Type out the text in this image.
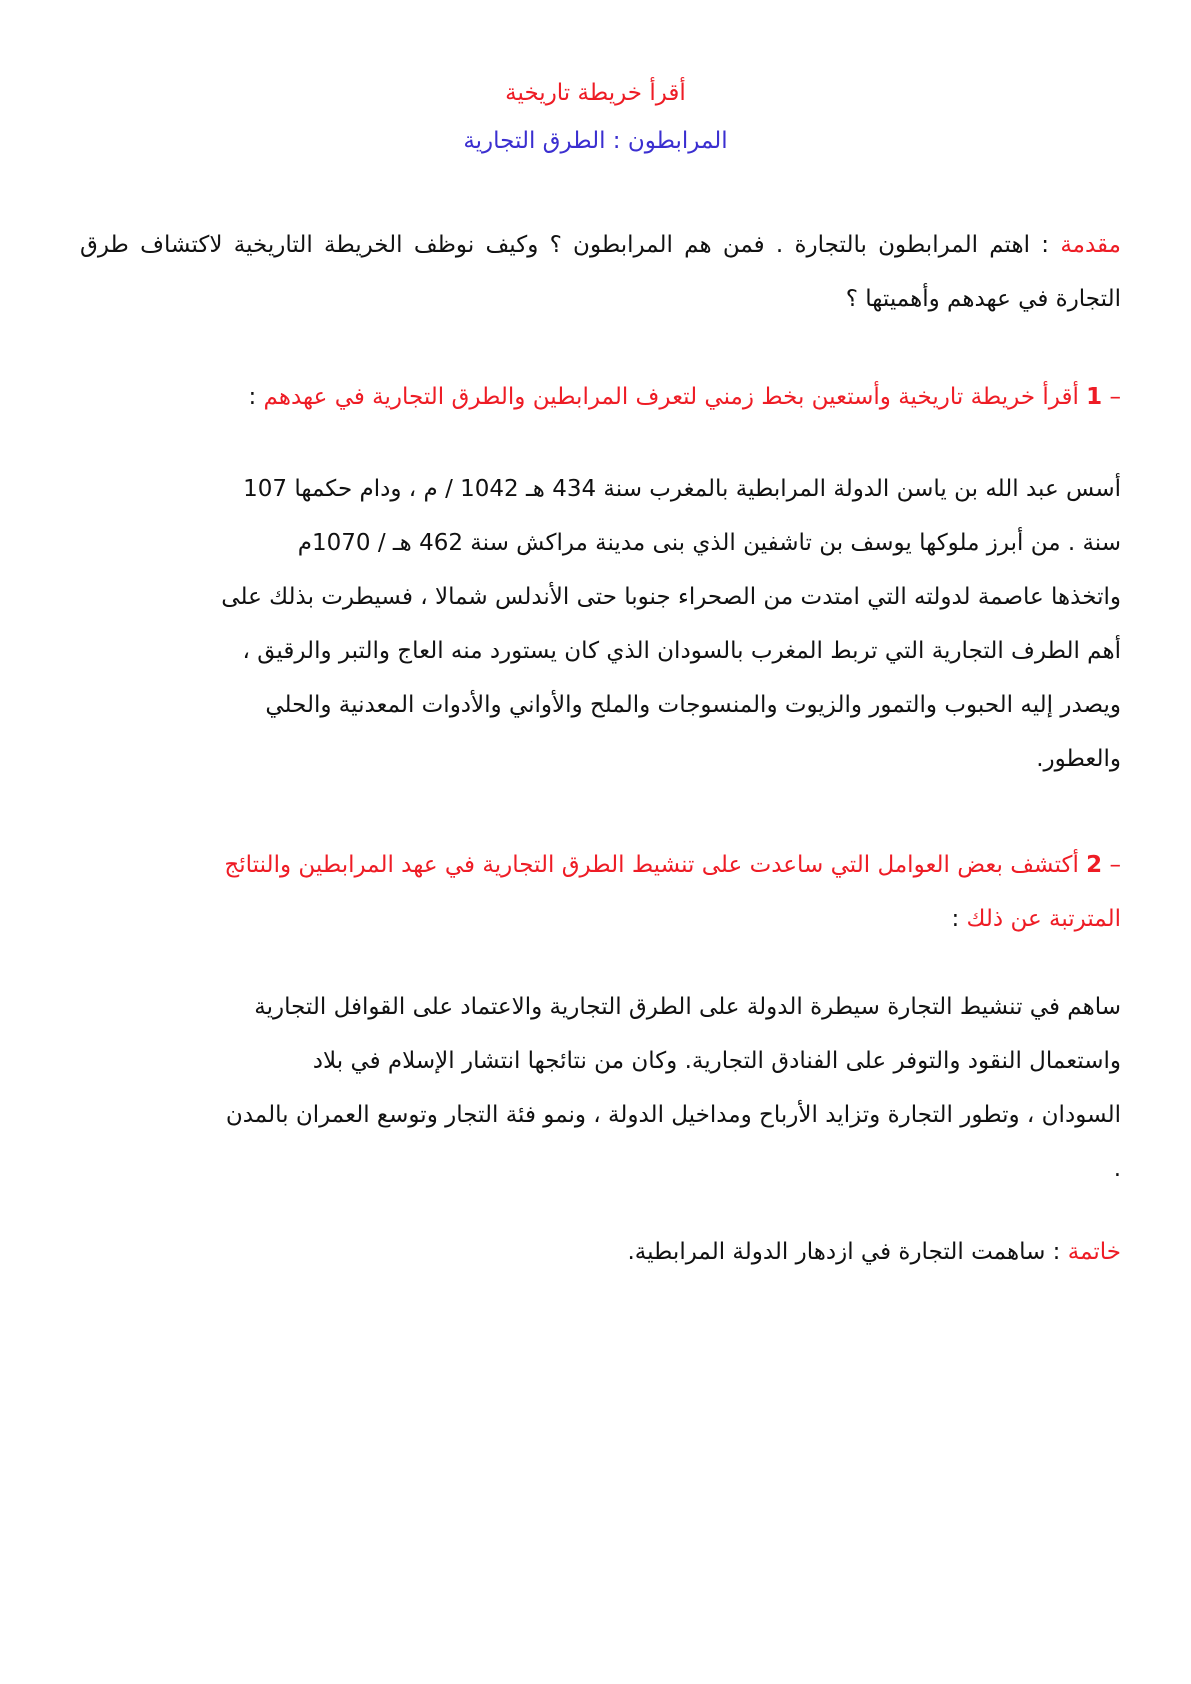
أقرأ خريطة تاريخية
المرابطون : الطرق التجارية
مقدمة : اهتم المرابطون بالتجارة . فمن هم المرابطون ؟ وكيف نوظف الخريطة التاريخية لاكتشاف طرق التجارة في عهدهم وأهميتها ؟
– 1 أقرأ خريطة تاريخية وأستعين بخط زمني لتعرف المرابطين والطرق التجارية في عهدهم :
أسس عبد الله بن ياسن الدولة المرابطية بالمغرب سنة 434 هـ 1042 / م ، ودام حكمها 107
سنة . من أبرز ملوكها يوسف بن تاشفين الذي بنى مدينة مراكش سنة 462 هـ / 1070م
واتخذها عاصمة لدولته التي امتدت من الصحراء جنوبا حتى الأندلس شمالا ، فسيطرت بذلك على
أهم الطرف التجارية التي تربط المغرب بالسودان الذي كان يستورد منه العاج والتبر والرقيق ،
ويصدر إليه الحبوب والتمور والزيوت والمنسوجات والملح والأواني والأدوات المعدنية والحلي
والعطور.
– 2 أكتشف بعض العوامل التي ساعدت على تنشيط الطرق التجارية في عهد المرابطين والنتائج
المترتبة عن ذلك :
ساهم في تنشيط التجارة سيطرة الدولة على الطرق التجارية والاعتماد على القوافل التجارية
واستعمال النقود والتوفر على الفنادق التجارية. وكان من نتائجها انتشار الإسلام في بلاد
السودان ، وتطور التجارة وتزايد الأرباح ومداخيل الدولة ، ونمو فئة التجار وتوسع العمران بالمدن
.
خاتمة : ساهمت التجارة في ازدهار الدولة المرابطية.
